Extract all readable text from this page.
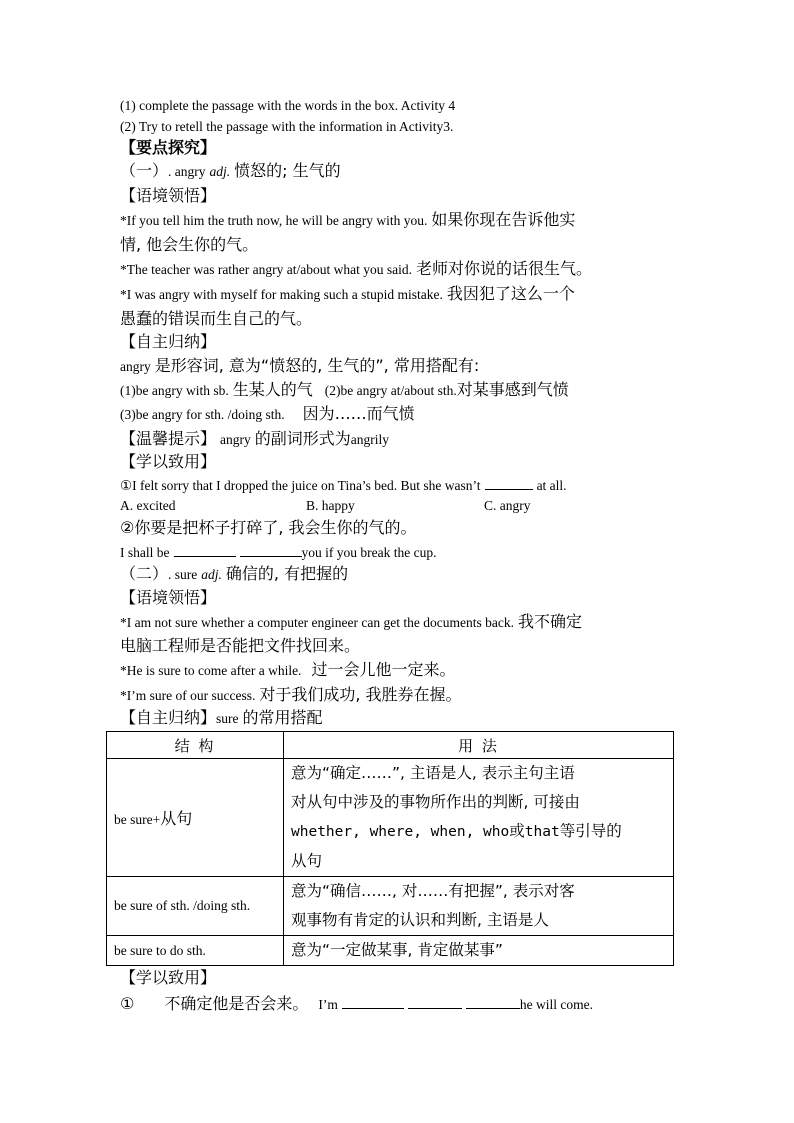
(1) complete the passage with the words in the box. Activity 4
(2) Try to retell the passage with the information in Activity3.
【要点探究】
（一）. angry adj. 愤怒的; 生气的
【语境领悟】
*If you tell him the truth now, he will be angry with you. 如果你现在告诉他实
情, 他会生你的气。
*The teacher was rather angry at/about what you said. 老师对你说的话很生气。
*I was angry with myself for making such a stupid mistake. 我因犯了这么一个
愚蠢的错误而生自己的气。
【自主归纳】
angry 是形容词, 意为“愤怒的, 生气的”, 常用搭配有:
(1)be angry with sb. 生某人的气 (2)be angry at/about sth.对某事感到气愤
(3)be angry for sth. /doing sth. 因为……而气愤
【温馨提示】 angry 的副词形式为angrily
【学以致用】
①I felt sorry that I dropped the juice on Tina’s bed. But she wasn’t	at all.
A. excited	B. happy	C. angry
②你要是把杯子打碎了, 我会生你的气的。
I shall be	you if you break the cup.
（二）. sure adj. 确信的, 有把握的
【语境领悟】
*I am not sure whether a computer engineer can get the documents back. 我不确定
电脑工程师是否能把文件找回来。
*He is sure to come after a while. 过一会儿他一定来。
*I’m sure of our success. 对于我们成功, 我胜券在握。
【自主归纳】sure 的常用搭配
结 构	用 法
be sure+从句	意为“确定……”, 主语是人, 表示主句主语
对从句中涉及的事物所作出的判断, 可接由
whether, where, when, who或that等引导的
从句

be sure of sth. /doing sth.	意为“确信……, 对……有把握”, 表示对客
观事物有肯定的认识和判断, 主语是人

be sure to do sth.	意为“一定做某事, 肯定做某事”
【学以致用】
① 不确定他是否会来。 I’m	he will come.
